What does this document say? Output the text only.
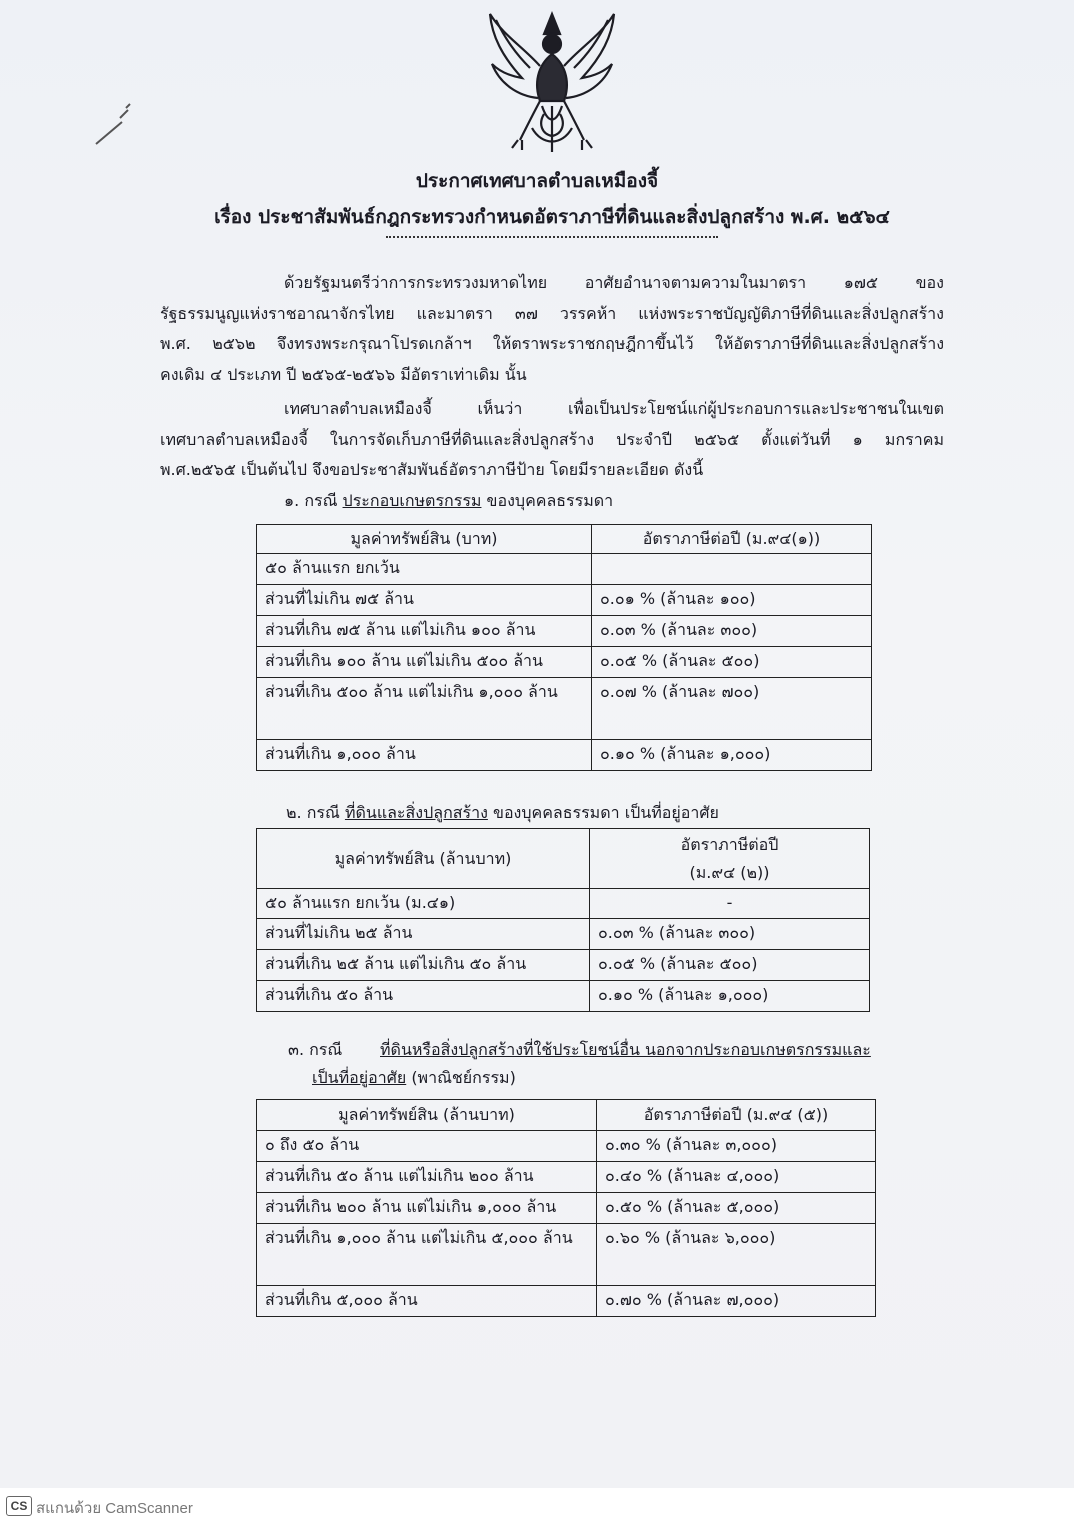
ประกาศเทศบาลตำบลเหมืองจี้
เรื่อง ประชาสัมพันธ์กฎกระทรวงกำหนดอัตราภาษีที่ดินและสิ่งปลูกสร้าง พ.ศ. ๒๕๖๔
ด้วยรัฐมนตรีว่าการกระทรวงมหาดไทย อาศัยอำนาจตามความในมาตรา ๑๗๕ ของ
รัฐธรรมนูญแห่งราชอาณาจักรไทย และมาตรา ๓๗ วรรคห้า แห่งพระราชบัญญัติภาษีที่ดินและสิ่งปลูกสร้าง
พ.ศ. ๒๕๖๒ จึงทรงพระกรุณาโปรดเกล้าฯ ให้ตราพระราชกฤษฎีกาขึ้นไว้ ให้อัตราภาษีที่ดินและสิ่งปลูกสร้าง
คงเดิม ๔ ประเภท ปี ๒๕๖๕-๒๕๖๖ มีอัตราเท่าเดิม นั้น
เทศบาลตำบลเหมืองจี้	เห็นว่า	เพื่อเป็นประโยชน์แก่ผู้ประกอบการและประชาชนในเขต
เทศบาลตำบลเหมืองจี้ ในการจัดเก็บภาษีที่ดินและสิ่งปลูกสร้าง ประจำปี ๒๕๖๕ ตั้งแต่วันที่ ๑ มกราคม
พ.ศ.๒๕๖๕ เป็นต้นไป จึงขอประชาสัมพันธ์อัตราภาษีป้าย โดยมีรายละเอียด ดังนี้
๑. กรณี ประกอบเกษตรกรรม ของบุคคลธรรมดา
มูลค่าทรัพย์สิน (บาท)	อัตราภาษีต่อปี (ม.๙๔(๑))
๕๐ ล้านแรก ยกเว้น	
ส่วนที่ไม่เกิน ๗๕ ล้าน	๐.๐๑ % (ล้านละ ๑๐๐)
ส่วนที่เกิน ๗๕ ล้าน แต่ไม่เกิน ๑๐๐ ล้าน	๐.๐๓ % (ล้านละ ๓๐๐)
ส่วนที่เกิน ๑๐๐ ล้าน แต่ไม่เกิน ๕๐๐ ล้าน	๐.๐๕ % (ล้านละ ๕๐๐)
ส่วนที่เกิน ๕๐๐ ล้าน แต่ไม่เกิน ๑,๐๐๐ ล้าน	๐.๐๗ % (ล้านละ ๗๐๐)
ส่วนที่เกิน ๑,๐๐๐ ล้าน	๐.๑๐ % (ล้านละ ๑,๐๐๐)
๒. กรณี ที่ดินและสิ่งปลูกสร้าง ของบุคคลธรรมดา เป็นที่อยู่อาศัย
มูลค่าทรัพย์สิน (ล้านบาท)	อัตราภาษีต่อปี
(ม.๙๔ (๒))

๕๐ ล้านแรก ยกเว้น (ม.๔๑)	-
ส่วนที่ไม่เกิน ๒๕ ล้าน	๐.๐๓ % (ล้านละ ๓๐๐)
ส่วนที่เกิน ๒๕ ล้าน แต่ไม่เกิน ๕๐ ล้าน	๐.๐๕ % (ล้านละ ๕๐๐)
ส่วนที่เกิน ๕๐ ล้าน	๐.๑๐ % (ล้านละ ๑,๐๐๐)
๓. กรณี ที่ดินหรือสิ่งปลูกสร้างที่ใช้ประโยชน์อื่น นอกจากประกอบเกษตรกรรมและ
เป็นที่อยู่อาศัย (พาณิชย์กรรม)
มูลค่าทรัพย์สิน (ล้านบาท)	อัตราภาษีต่อปี (ม.๙๔ (๕))
๐ ถึง ๕๐ ล้าน	๐.๓๐ % (ล้านละ ๓,๐๐๐)
ส่วนที่เกิน ๕๐ ล้าน แต่ไม่เกิน ๒๐๐ ล้าน	๐.๔๐ % (ล้านละ ๔,๐๐๐)
ส่วนที่เกิน ๒๐๐ ล้าน แต่ไม่เกิน ๑,๐๐๐ ล้าน	๐.๕๐ % (ล้านละ ๕,๐๐๐)
ส่วนที่เกิน ๑,๐๐๐ ล้าน แต่ไม่เกิน ๕,๐๐๐ ล้าน	๐.๖๐ % (ล้านละ ๖,๐๐๐)
ส่วนที่เกิน ๕,๐๐๐ ล้าน	๐.๗๐ % (ล้านละ ๗,๐๐๐)
CS สแกนด้วย CamScanner
